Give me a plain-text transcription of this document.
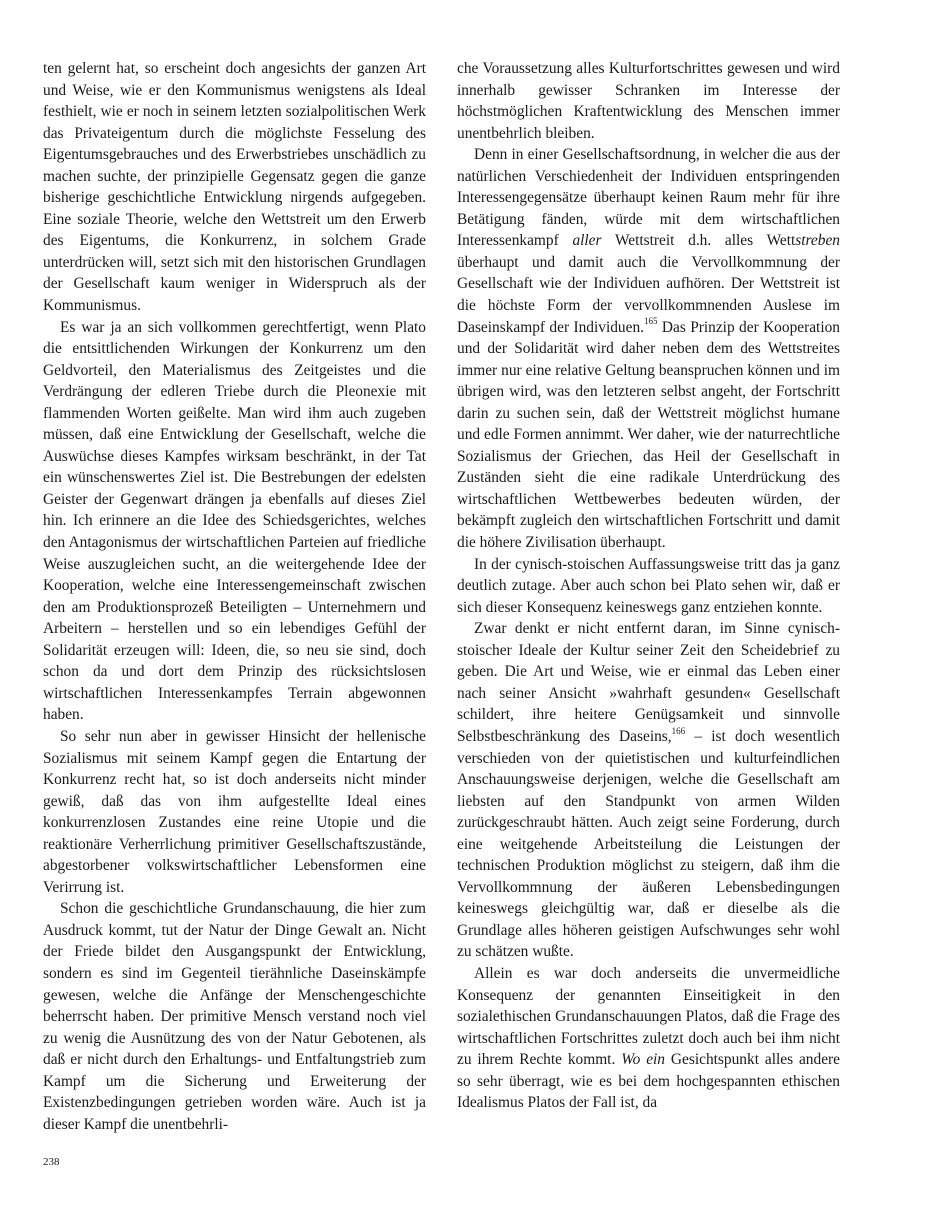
ten gelernt hat, so erscheint doch angesichts der ganzen Art und Weise, wie er den Kommunismus wenigstens als Ideal festhielt, wie er noch in seinem letzten sozialpolitischen Werk das Privateigentum durch die möglichste Fesselung des Eigentumsgebrauches und des Erwerbstriebes unschädlich zu machen suchte, der prinzipielle Gegensatz gegen die ganze bisherige geschichtliche Entwicklung nirgends aufgegeben. Eine soziale Theorie, welche den Wettstreit um den Erwerb des Eigentums, die Konkurrenz, in solchem Grade unterdrücken will, setzt sich mit den historischen Grundlagen der Gesellschaft kaum weniger in Widerspruch als der Kommunismus.

Es war ja an sich vollkommen gerechtfertigt, wenn Plato die entsittlichenden Wirkungen der Konkurrenz um den Geldvorteil, den Materialismus des Zeitgeistes und die Verdrängung der edleren Triebe durch die Pleonexie mit flammenden Worten geißelte. Man wird ihm auch zugeben müssen, daß eine Entwicklung der Gesellschaft, welche die Auswüchse dieses Kampfes wirksam beschränkt, in der Tat ein wünschenswertes Ziel ist. Die Bestrebungen der edelsten Geister der Gegenwart drängen ja ebenfalls auf dieses Ziel hin. Ich erinnere an die Idee des Schiedsgerichtes, welches den Antagonismus der wirtschaftlichen Parteien auf friedliche Weise auszugleichen sucht, an die weitergehende Idee der Kooperation, welche eine Interessengemeinschaft zwischen den am Produktionsprozeß Beteiligten – Unternehmern und Arbeitern – herstellen und so ein lebendiges Gefühl der Solidarität erzeugen will: Ideen, die, so neu sie sind, doch schon da und dort dem Prinzip des rücksichtslosen wirtschaftlichen Interessenkampfes Terrain abgewonnen haben.

So sehr nun aber in gewisser Hinsicht der hellenische Sozialismus mit seinem Kampf gegen die Entartung der Konkurrenz recht hat, so ist doch anderseits nicht minder gewiß, daß das von ihm aufgestellte Ideal eines konkurrenzlosen Zustandes eine reine Utopie und die reaktionäre Verherrlichung primitiver Gesellschaftszustände, abgestorbener volkswirtschaftlicher Lebensformen eine Verirrung ist.

Schon die geschichtliche Grundanschauung, die hier zum Ausdruck kommt, tut der Natur der Dinge Gewalt an. Nicht der Friede bildet den Ausgangspunkt der Entwicklung, sondern es sind im Gegenteil tierähnliche Daseinskämpfe gewesen, welche die Anfänge der Menschengeschichte beherrscht haben. Der primitive Mensch verstand noch viel zu wenig die Ausnützung des von der Natur Gebotenen, als daß er nicht durch den Erhaltungs- und Entfaltungstrieb zum Kampf um die Sicherung und Erweiterung der Existenzbedingungen getrieben worden wäre. Auch ist ja dieser Kampf die unentbehrli-

che Voraussetzung alles Kulturfortschrittes gewesen und wird innerhalb gewisser Schranken im Interesse der höchstmöglichen Kraftentwicklung des Menschen immer unentbehrlich bleiben.

Denn in einer Gesellschaftsordnung, in welcher die aus der natürlichen Verschiedenheit der Individuen entspringenden Interessengegensätze überhaupt keinen Raum mehr für ihre Betätigung fänden, würde mit dem wirtschaftlichen Interessenkampf aller Wettstreit d.h. alles Wettstreben überhaupt und damit auch die Vervollkommnung der Gesellschaft wie der Individuen aufhören. Der Wettstreit ist die höchste Form der vervollkommnenden Auslese im Daseinskampf der Individuen.$^{165}$ Das Prinzip der Kooperation und der Solidarität wird daher neben dem des Wettstreites immer nur eine relative Geltung beanspruchen können und im übrigen wird, was den letzteren selbst angeht, der Fortschritt darin zu suchen sein, daß der Wettstreit möglichst humane und edle Formen annimmt. Wer daher, wie der naturrechtliche Sozialismus der Griechen, das Heil der Gesellschaft in Zuständen sieht die eine radikale Unterdrückung des wirtschaftlichen Wettbewerbes bedeuten würden, der bekämpft zugleich den wirtschaftlichen Fortschritt und damit die höhere Zivilisation überhaupt.

In der cynisch-stoischen Auffassungsweise tritt das ja ganz deutlich zutage. Aber auch schon bei Plato sehen wir, daß er sich dieser Konsequenz keineswegs ganz entziehen konnte.

Zwar denkt er nicht entfernt daran, im Sinne cynisch-stoischer Ideale der Kultur seiner Zeit den Scheidebrief zu geben. Die Art und Weise, wie er einmal das Leben einer nach seiner Ansicht »wahrhaft gesunden« Gesellschaft schildert, ihre heitere Genügsamkeit und sinnvolle Selbstbeschränkung des Daseins,$^{166}$ – ist doch wesentlich verschieden von der quietistischen und kulturfeindlichen Anschauungsweise derjenigen, welche die Gesellschaft am liebsten auf den Standpunkt von armen Wilden zurückgeschraubt hätten. Auch zeigt seine Forderung, durch eine weitgehende Arbeitsteilung die Leistungen der technischen Produktion möglichst zu steigern, daß ihm die Vervollkommnung der äußeren Lebensbedingungen keineswegs gleichgültig war, daß er dieselbe als die Grundlage alles höheren geistigen Aufschwunges sehr wohl zu schätzen wußte.

Allein es war doch anderseits die unvermeidliche Konsequenz der genannten Einseitigkeit in den sozialethischen Grundanschauungen Platos, daß die Frage des wirtschaftlichen Fortschrittes zuletzt doch auch bei ihm nicht zu ihrem Rechte kommt. Wo ein Gesichtspunkt alles andere so sehr überragt, wie es bei dem hochgespannten ethischen Idealismus Platos der Fall ist, da

238
